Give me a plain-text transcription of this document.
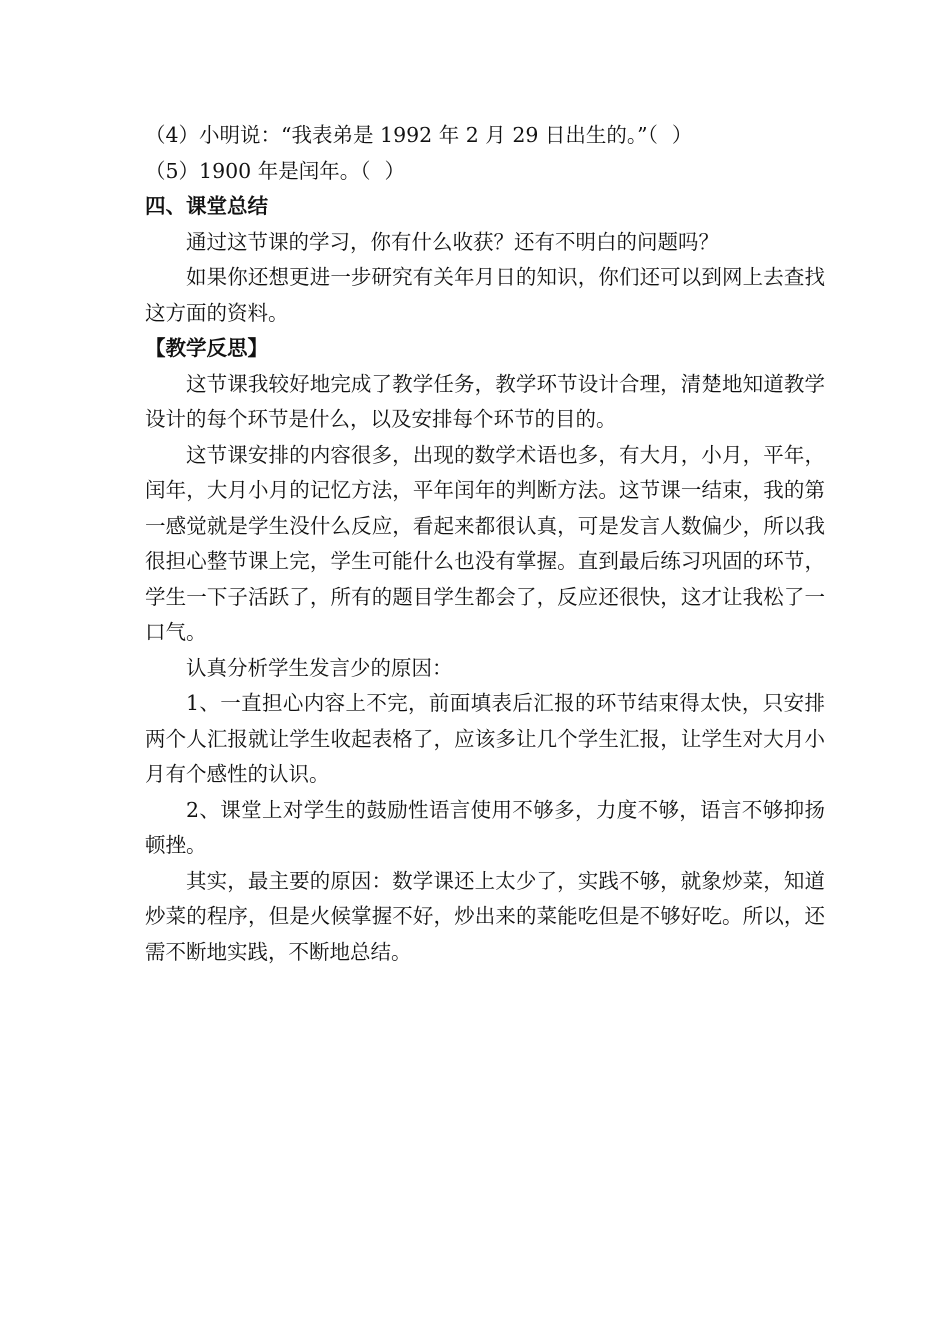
（4）小明说：“我表弟是 1992 年 2 月 29 日出生的。”（ ）

（5）1900 年是闰年。（ ）

四、课堂总结

通过这节课的学习，你有什么收获？还有不明白的问题吗？

如果你还想更进一步研究有关年月日的知识，你们还可以到网上去查找这方面的资料。

【教学反思】

这节课我较好地完成了教学任务，教学环节设计合理，清楚地知道教学设计的每个环节是什么，以及安排每个环节的目的。

这节课安排的内容很多，出现的数学术语也多，有大月，小月，平年，闰年，大月小月的记忆方法，平年闰年的判断方法。这节课一结束，我的第一感觉就是学生没什么反应，看起来都很认真，可是发言人数偏少，所以我很担心整节课上完，学生可能什么也没有掌握。直到最后练习巩固的环节，学生一下子活跃了，所有的题目学生都会了，反应还很快，这才让我松了一口气。

认真分析学生发言少的原因：

1、一直担心内容上不完，前面填表后汇报的环节结束得太快，只安排两个人汇报就让学生收起表格了，应该多让几个学生汇报，让学生对大月小月有个感性的认识。

2、课堂上对学生的鼓励性语言使用不够多，力度不够，语言不够抑扬顿挫。

其实，最主要的原因：数学课还上太少了，实践不够，就象炒菜，知道炒菜的程序，但是火候掌握不好，炒出来的菜能吃但是不够好吃。所以，还需不断地实践，不断地总结。
